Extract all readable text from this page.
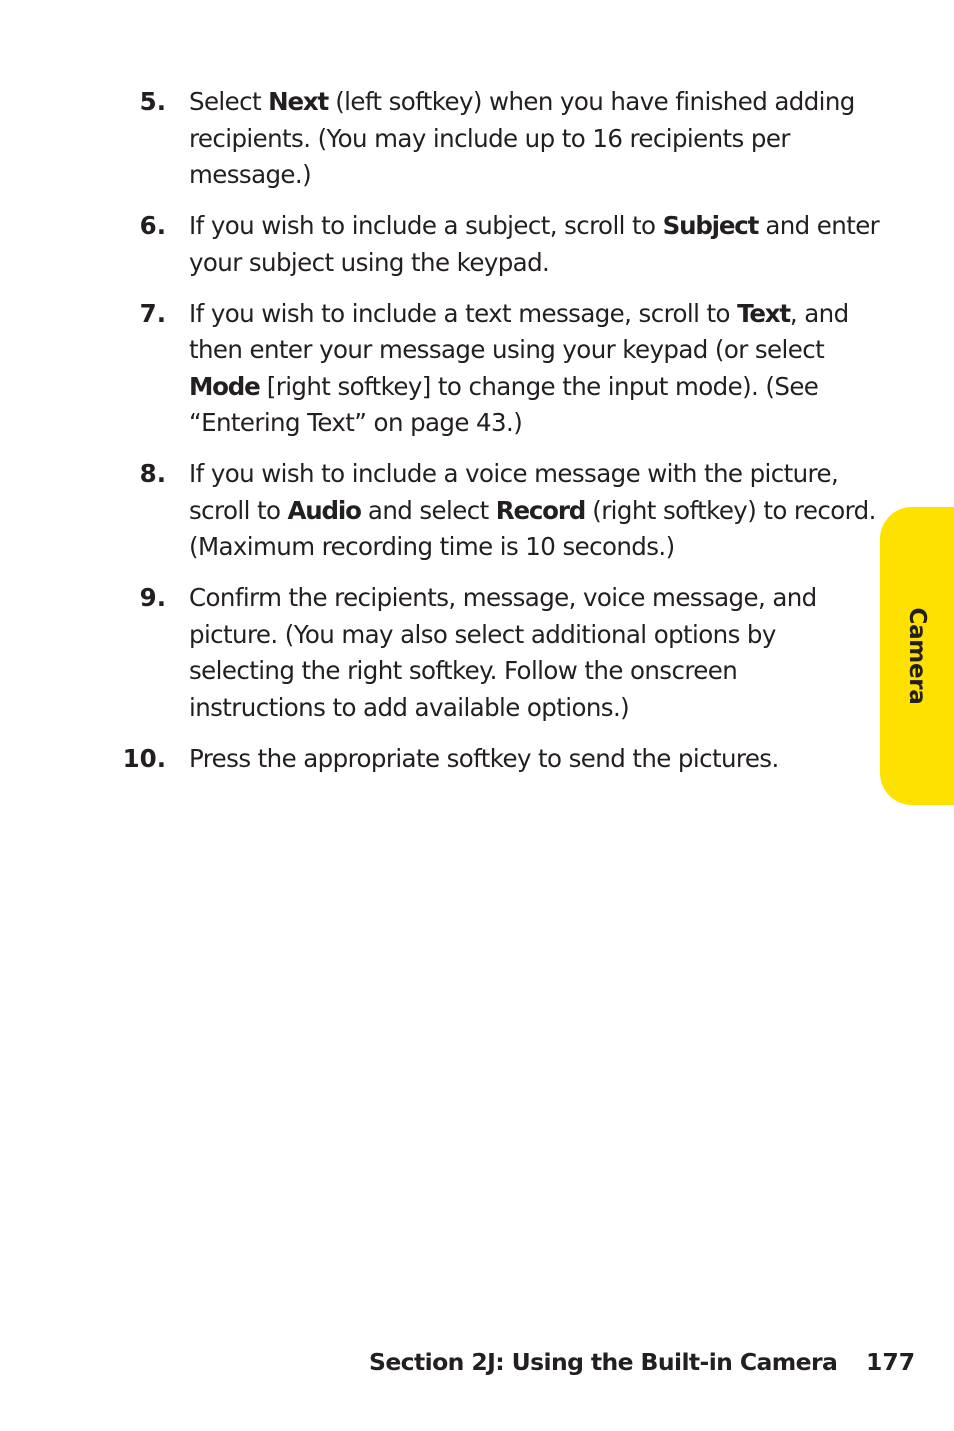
5. Select Next (left softkey) when you have finished adding recipients. (You may include up to 16 recipients per message.)
6. If you wish to include a subject, scroll to Subject and enter your subject using the keypad.
7. If you wish to include a text message, scroll to Text, and then enter your message using your keypad (or select Mode [right softkey] to change the input mode). (See “Entering Text” on page 43.)
8. If you wish to include a voice message with the picture, scroll to Audio and select Record (right softkey) to record. (Maximum recording time is 10 seconds.)
9. Confirm the recipients, message, voice message, and picture. (You may also select additional options by selecting the right softkey. Follow the onscreen instructions to add available options.)
10. Press the appropriate softkey to send the pictures.
Camera
Section 2J: Using the Built-in Camera 177
